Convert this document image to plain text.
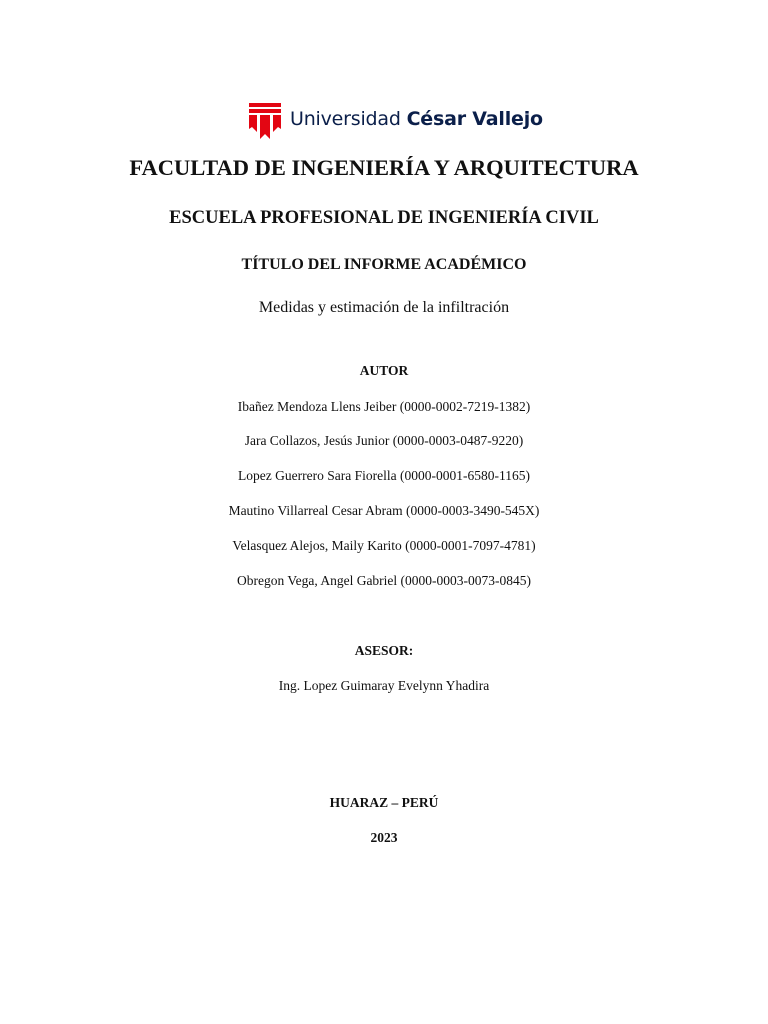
Universidad César Vallejo
FACULTAD DE INGENIERÍA Y ARQUITECTURA
ESCUELA PROFESIONAL DE INGENIERÍA CIVIL
TÍTULO DEL INFORME ACADÉMICO
Medidas y estimación de la infiltración
AUTOR
Ibañez Mendoza Llens Jeiber (0000-0002-7219-1382)
Jara Collazos, Jesús Junior (0000-0003-0487-9220)
Lopez Guerrero Sara Fiorella (0000-0001-6580-1165)
Mautino Villarreal Cesar Abram (0000-0003-3490-545X)
Velasquez Alejos, Maily Karito (0000-0001-7097-4781)
Obregon Vega, Angel Gabriel (0000-0003-0073-0845)
ASESOR:
Ing. Lopez Guimaray Evelynn Yhadira
HUARAZ – PERÚ
2023
